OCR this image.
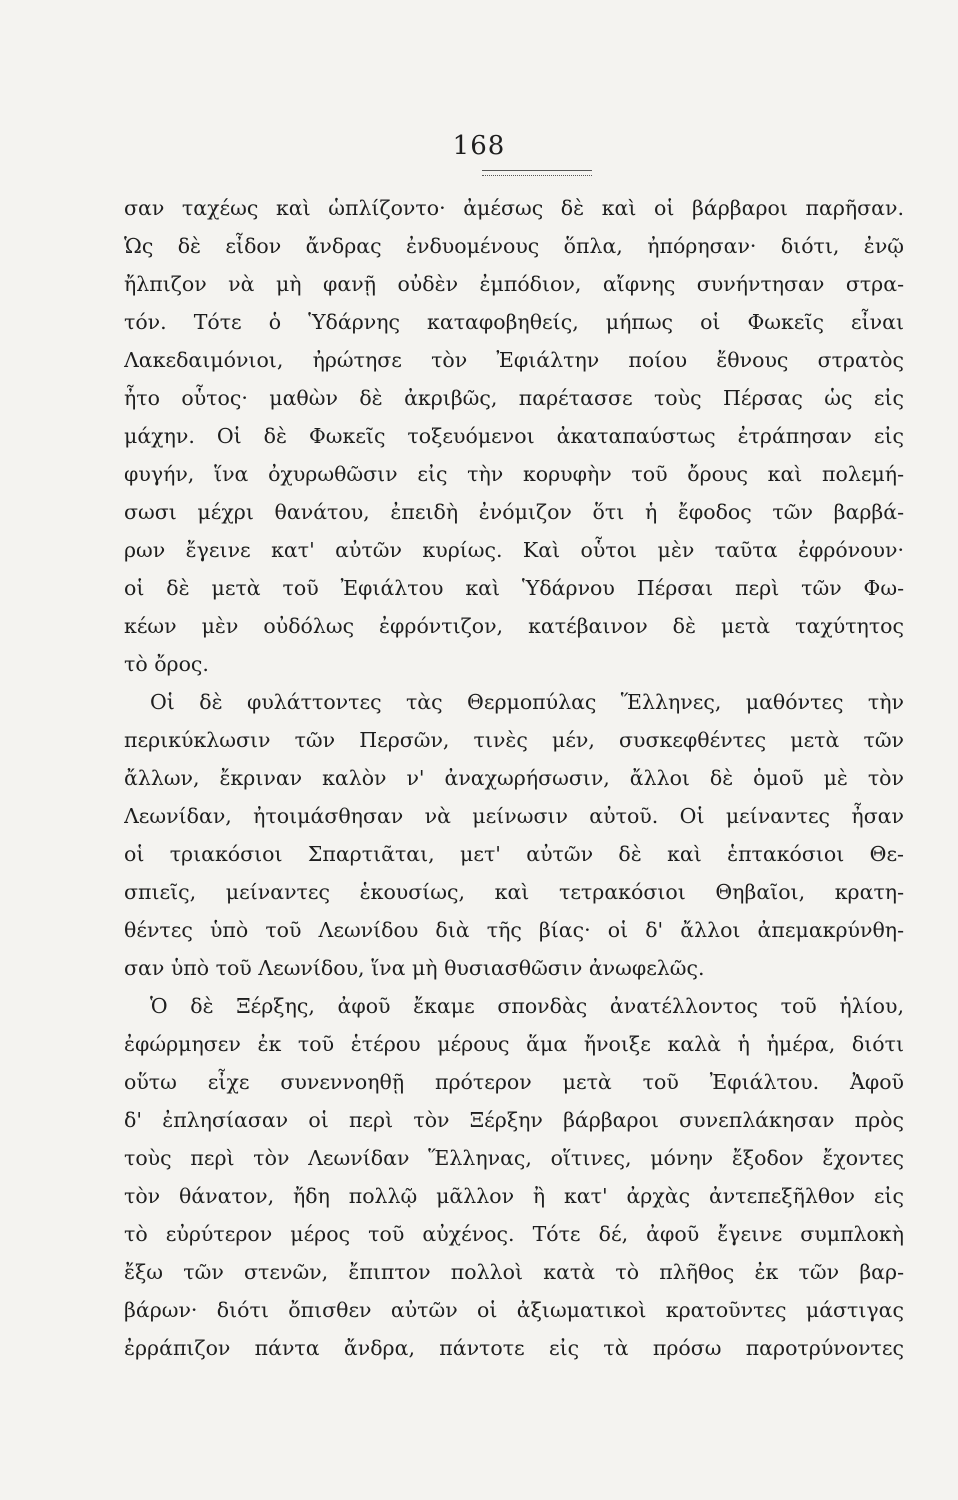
168
σαν ταχέως καὶ ὡπλίζοντο· ἀμέσως δὲ καὶ οἱ βάρβαροι παρῆσαν.
Ὡς δὲ εἶδον ἄνδρας ἐνδυομένους ὅπλα, ἠπόρησαν· διότι, ἐνῷ
ἤλπιζον νὰ μὴ φανῇ οὐδὲν ἐμπόδιον, αἴφνης συνήντησαν στρα-
τόν. Τότε ὁ Ὑδάρνης καταφοβηθείς, μήπως οἱ Φωκεῖς εἶναι
Λακεδαιμόνιοι, ἠρώτησε τὸν Ἐφιάλτην ποίου ἔθνους στρατὸς
ἦτο οὗτος· μαθὼν δὲ ἀκριβῶς, παρέτασσε τοὺς Πέρσας ὡς εἰς
μάχην. Οἱ δὲ Φωκεῖς τοξευόμενοι ἀκαταπαύστως ἐτράπησαν εἰς
φυγήν, ἵνα ὀχυρωθῶσιν εἰς τὴν κορυφὴν τοῦ ὄρους καὶ πολεμή-
σωσι μέχρι θανάτου, ἐπειδὴ ἐνόμιζον ὅτι ἡ ἔφοδος τῶν βαρβά-
ρων ἔγεινε κατ' αὐτῶν κυρίως. Καὶ οὗτοι μὲν ταῦτα ἐφρόνουν·
οἱ δὲ μετὰ τοῦ Ἐφιάλτου καὶ Ὑδάρνου Πέρσαι περὶ τῶν Φω-
κέων μὲν οὐδόλως ἐφρόντιζον, κατέβαινον δὲ μετὰ ταχύτητος
τὸ ὄρος.
Οἱ δὲ φυλάττοντες τὰς Θερμοπύλας Ἕλληνες, μαθόντες τὴν
περικύκλωσιν τῶν Περσῶν, τινὲς μέν, συσκεφθέντες μετὰ τῶν
ἄλλων, ἔκριναν καλὸν ν' ἀναχωρήσωσιν, ἄλλοι δὲ ὁμοῦ μὲ τὸν
Λεωνίδαν, ἠτοιμάσθησαν νὰ μείνωσιν αὐτοῦ. Οἱ μείναντες ἦσαν
οἱ τριακόσιοι Σπαρτιᾶται, μετ' αὐτῶν δὲ καὶ ἑπτακόσιοι Θε-
σπιεῖς, μείναντες ἑκουσίως, καὶ τετρακόσιοι Θηβαῖοι, κρατη-
θέντες ὑπὸ τοῦ Λεωνίδου διὰ τῆς βίας· οἱ δ' ἄλλοι ἀπεμακρύνθη-
σαν ὑπὸ τοῦ Λεωνίδου, ἵνα μὴ θυσιασθῶσιν ἀνωφελῶς.
Ὁ δὲ Ξέρξης, ἀφοῦ ἔκαμε σπονδὰς ἀνατέλλοντος τοῦ ἡλίου,
ἐφώρμησεν ἐκ τοῦ ἑτέρου μέρους ἅμα ἤνοιξε καλὰ ἡ ἡμέρα, διότι
οὕτω εἶχε συνεννοηθῇ πρότερον μετὰ τοῦ Ἐφιάλτου. Ἀφοῦ
δ' ἐπλησίασαν οἱ περὶ τὸν Ξέρξην βάρβαροι συνεπλάκησαν πρὸς
τοὺς περὶ τὸν Λεωνίδαν Ἕλληνας, οἵτινες, μόνην ἔξοδον ἔχοντες
τὸν θάνατον, ἤδη πολλῷ μᾶλλον ἢ κατ' ἀρχὰς ἀντεπεξῆλθον εἰς
τὸ εὐρύτερον μέρος τοῦ αὐχένος. Τότε δέ, ἀφοῦ ἔγεινε συμπλοκὴ
ἔξω τῶν στενῶν, ἔπιπτον πολλοὶ κατὰ τὸ πλῆθος ἐκ τῶν βαρ-
βάρων· διότι ὄπισθεν αὐτῶν οἱ ἀξιωματικοὶ κρατοῦντες μάστιγας
ἐρράπιζον πάντα ἄνδρα, πάντοτε εἰς τὰ πρόσω παροτρύνοντες
